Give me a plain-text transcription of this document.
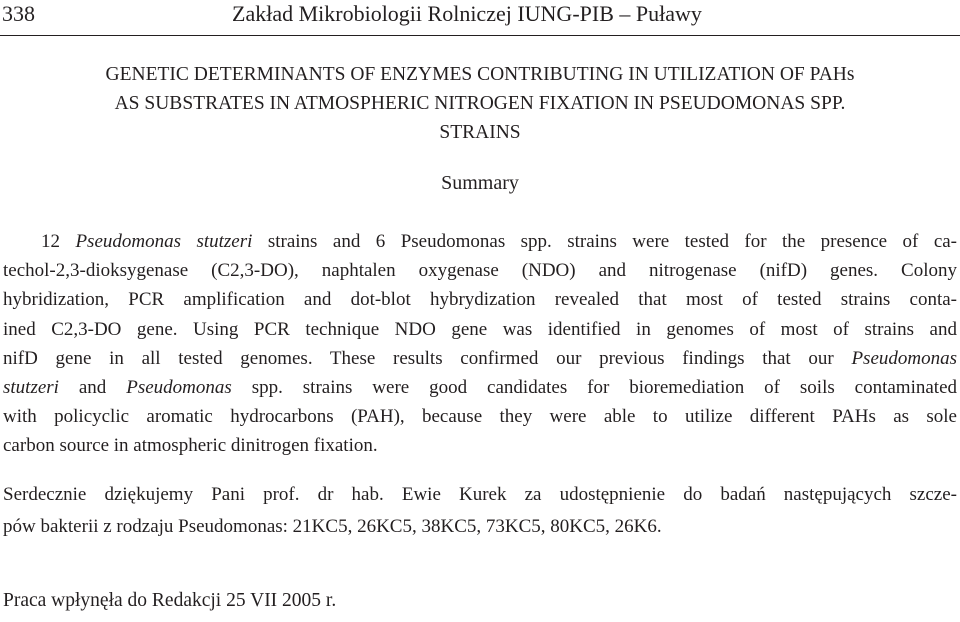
338	Zakład Mikrobiologii Rolniczej IUNG-PIB – Puławy
GENETIC DETERMINANTS OF ENZYMES CONTRIBUTING IN UTILIZATION OF PAHs
AS SUBSTRATES IN ATMOSPHERIC NITROGEN FIXATION IN PSEUDOMONAS SPP.
STRAINS
Summary
12 Pseudomonas stutzeri strains and 6 Pseudomonas spp. strains were tested for the presence of ca-
techol-2,3-dioksygenase (C2,3-DO), naphtalen oxygenase (NDO) and nitrogenase (nifD) genes. Colony
hybridization, PCR amplification and dot-blot hybrydization revealed that most of tested strains conta-
ined C2,3-DO gene. Using PCR technique NDO gene was identified in genomes of most of strains and
nifD gene in all tested genomes. These results confirmed our previous findings that our Pseudomonas
stutzeri and Pseudomonas spp. strains were good candidates for bioremediation of soils contaminated
with policyclic aromatic hydrocarbons (PAH), because they were able to utilize different PAHs as sole
carbon source in atmospheric dinitrogen fixation.
Serdecznie dziękujemy Pani prof. dr hab. Ewie Kurek za udostępnienie do badań następujących szcze-
pów bakterii z rodzaju Pseudomonas: 21KC5, 26KC5, 38KC5, 73KC5, 80KC5, 26K6.
Praca wpłynęła do Redakcji 25 VII 2005 r.
